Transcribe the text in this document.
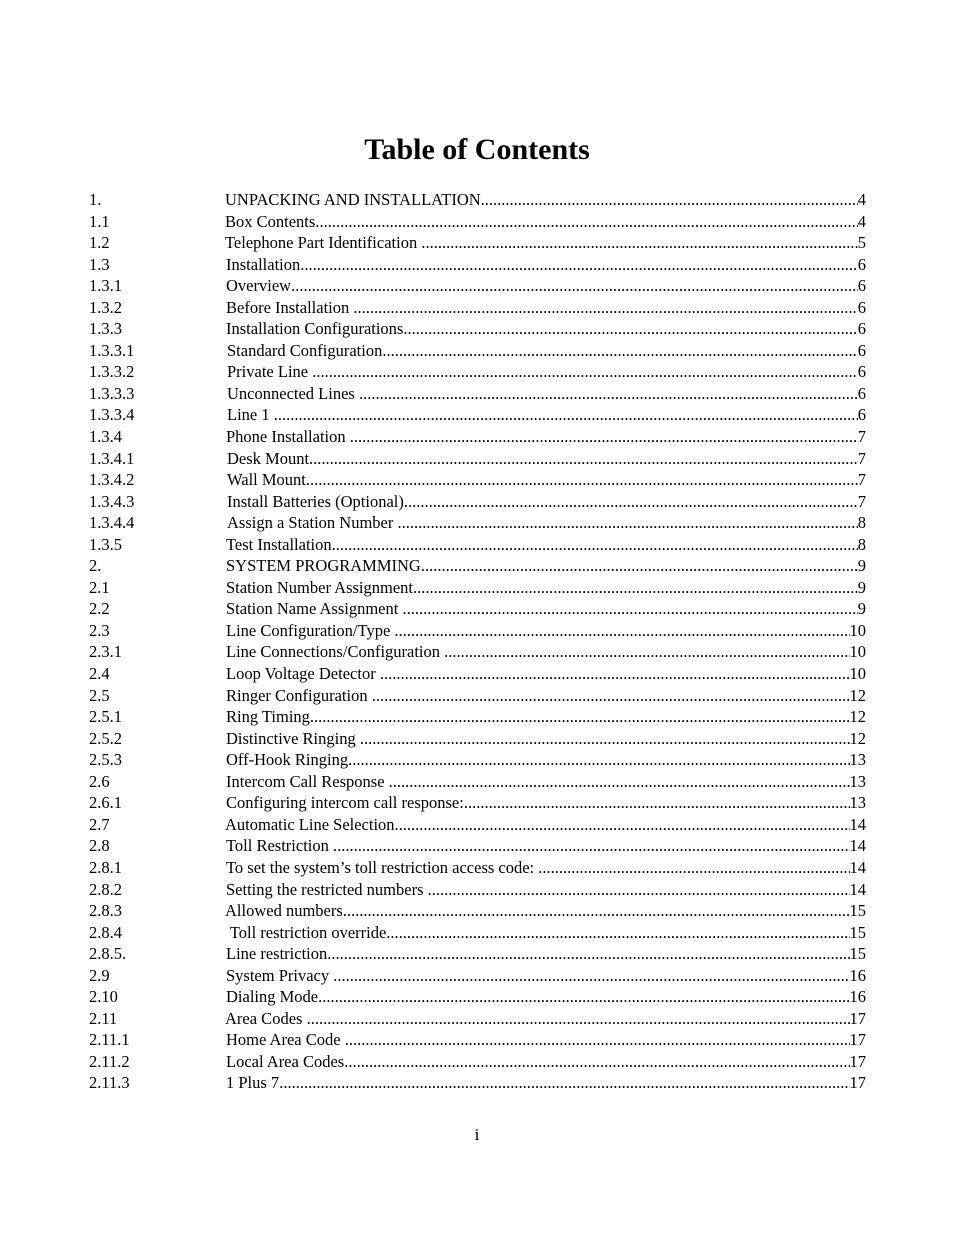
Table of Contents
1.	UNPACKING AND INSTALLATION .....	4
1.1	Box Contents .....	4
1.2	Telephone Part Identification .....	5
1.3	Installation .....	6
1.3.1	Overview .....	6
1.3.2	Before Installation .....	6
1.3.3	Installation Configurations .....	6
1.3.3.1	Standard Configuration .....	6
1.3.3.2	Private Line .....	6
1.3.3.3	Unconnected Lines .....	6
1.3.3.4	Line 1 .....	6
1.3.4	Phone Installation .....	7
1.3.4.1	Desk Mount .....	7
1.3.4.2	Wall Mount .....	7
1.3.4.3	Install Batteries (Optional) .....	7
1.3.4.4	Assign a Station Number .....	8
1.3.5	Test Installation .....	8
2.	SYSTEM PROGRAMMING .....	9
2.1	Station Number Assignment .....	9
2.2	Station Name Assignment .....	9
2.3	Line Configuration/Type .....	10
2.3.1	Line Connections/Configuration .....	10
2.4	Loop Voltage Detector .....	10
2.5	Ringer Configuration .....	12
2.5.1	Ring Timing .....	12
2.5.2	Distinctive Ringing .....	12
2.5.3	Off-Hook Ringing .....	13
2.6	Intercom Call Response .....	13
2.6.1	Configuring intercom call response: .....	13
2.7	Automatic Line Selection .....	14
2.8	Toll Restriction .....	14
2.8.1	To set the system’s toll restriction access code: .....	14
2.8.2	Setting the restricted numbers .....	14
2.8.3	Allowed numbers .....	15
2.8.4	Toll restriction override .....	15
2.8.5.	Line restriction .....	15
2.9	System Privacy .....	16
2.10	Dialing Mode .....	16
2.11	Area Codes .....	17
2.11.1	Home Area Code .....	17
2.11.2	Local Area Codes .....	17
2.11.3	1 Plus 7 .....	17
i
